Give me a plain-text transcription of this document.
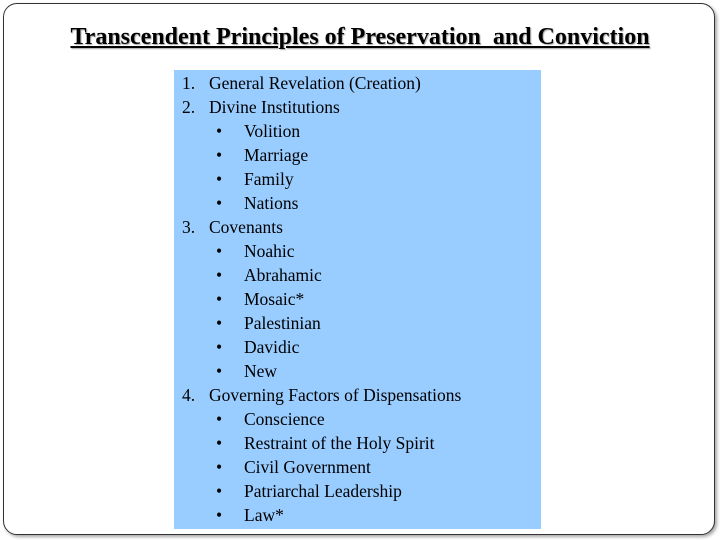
Transcendent Principles of Preservation  and Conviction
1. General Revelation (Creation)
2. Divine Institutions
• Volition
• Marriage
• Family
• Nations
3. Covenants
• Noahic
• Abrahamic
• Mosaic*
• Palestinian
• Davidic
• New
4. Governing Factors of Dispensations
• Conscience
• Restraint of the Holy Spirit
• Civil Government
• Patriarchal Leadership
• Law*
